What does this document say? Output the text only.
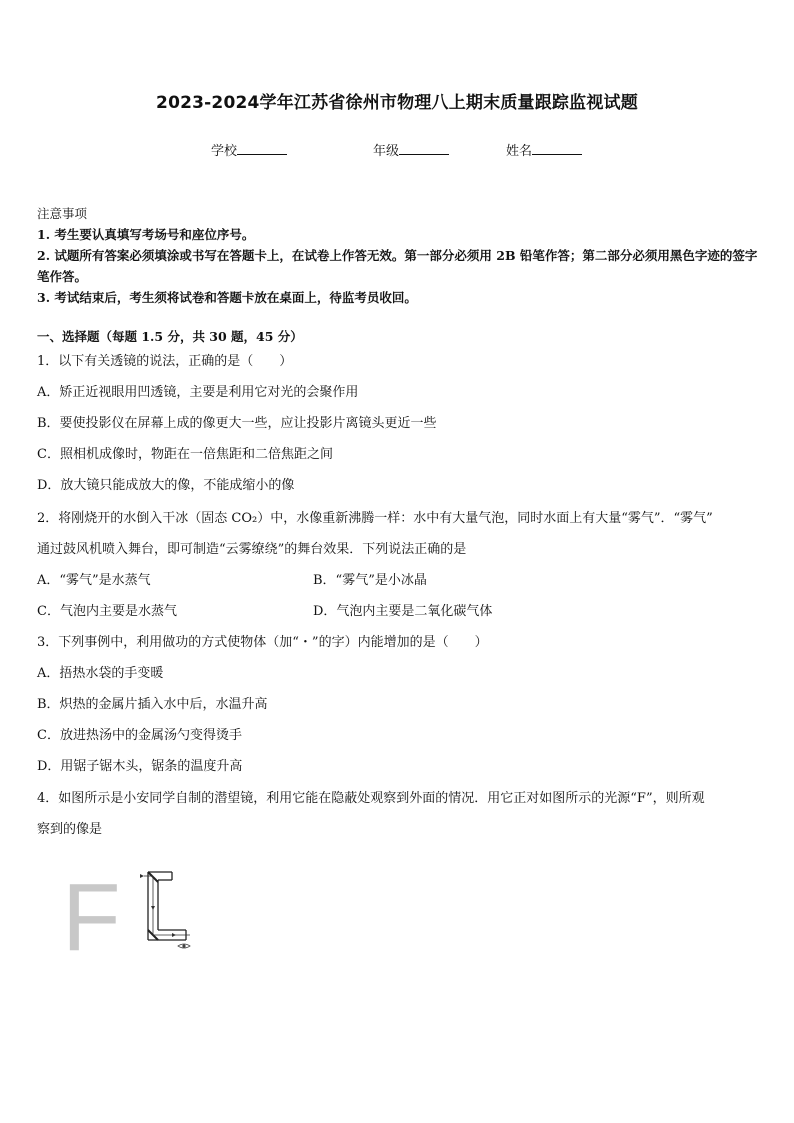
2023-2024学年江苏省徐州市物理八上期末质量跟踪监视试题
学校	年级	姓名
注意事项

1. 考生要认真填写考场号和座位序号。

2. 试题所有答案必须填涂或书写在答题卡上，在试卷上作答无效。第一部分必须用 2B 铅笔作答；第二部分必须用黑色字迹的签字笔作答。

3. 考试结束后，考生须将试卷和答题卡放在桌面上，待监考员收回。

一、选择题（每题 1.5 分，共 30 题，45 分）
1．以下有关透镜的说法，正确的是（　　）
A．矫正近视眼用凹透镜，主要是利用它对光的会聚作用
B．要使投影仪在屏幕上成的像更大一些，应让投影片离镜头更近一些
C．照相机成像时，物距在一倍焦距和二倍焦距之间
D．放大镜只能成放大的像，不能成缩小的像
2．将刚烧开的水倒入干冰（固态 CO₂）中，水像重新沸腾一样：水中有大量气泡，同时水面上有大量“雾气”．“雾气”
通过鼓风机喷入舞台，即可制造“云雾缭绕”的舞台效果．下列说法正确的是
A．“雾气”是水蒸气	B．“雾气”是小冰晶
C．气泡内主要是水蒸气	D．气泡内主要是二氧化碳气体
3．下列事例中，利用做功的方式使物体（加“・”的字）内能增加的是（　　）
A．捂热水袋的手变暖
B．炽热的金属片插入水中后，水温升高
C．放进热汤中的金属汤勺变得烫手
D．用锯子锯木头，锯条的温度升高
4．如图所示是小安同学自制的潜望镜，利用它能在隐蔽处观察到外面的情况．用它正对如图所示的光源“F”，则所观
察到的像是
F
